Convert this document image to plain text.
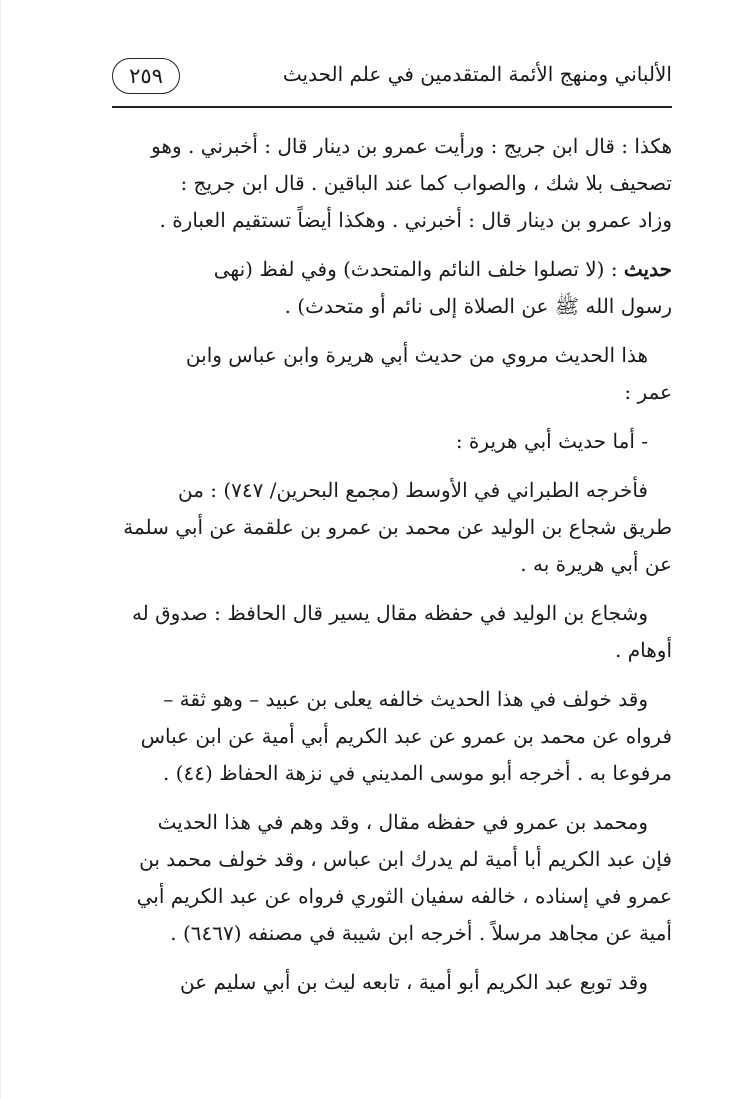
الألباني ومنهج الأئمة المتقدمين في علم الحديث
٢٥٩
هكذا : قال ابن جريج : ورأيت عمرو بن دينار قال : أخبرني . وهو
تصحيف بلا شك ، والصواب كما عند الباقين . قال ابن جريج :
وزاد عمرو بن دينار قال : أخبرني . وهكذا أيضاً تستقيم العبارة .
حديث : (لا تصلوا خلف النائم والمتحدث) وفي لفظ (نهى
رسول الله ﷺ عن الصلاة إلى نائم أو متحدث) .
هذا الحديث مروي من حديث أبي هريرة وابن عباس وابن
عمر :
- أما حديث أبي هريرة :
فأخرجه الطبراني في الأوسط (مجمع البحرين/ ٧٤٧) : من
طريق شجاع بن الوليد عن محمد بن عمرو بن علقمة عن أبي سلمة
عن أبي هريرة به .
وشجاع بن الوليد في حفظه مقال يسير قال الحافظ : صدوق له
أوهام .
وقد خولف في هذا الحديث خالفه يعلى بن عبيد – وهو ثقة –
فرواه عن محمد بن عمرو عن عبد الكريم أبي أمية عن ابن عباس
مرفوعا به . أخرجه أبو موسى المديني في نزهة الحفاظ (٤٤) .
ومحمد بن عمرو في حفظه مقال ، وقد وهم في هذا الحديث
فإن عبد الكريم أبا أمية لم يدرك ابن عباس ، وقد خولف محمد بن
عمرو في إسناده ، خالفه سفيان الثوري فرواه عن عبد الكريم أبي
أمية عن مجاهد مرسلاً . أخرجه ابن شيبة في مصنفه (٦٤٦٧) .
وقد توبع عبد الكريم أبو أمية ، تابعه ليث بن أبي سليم عن
